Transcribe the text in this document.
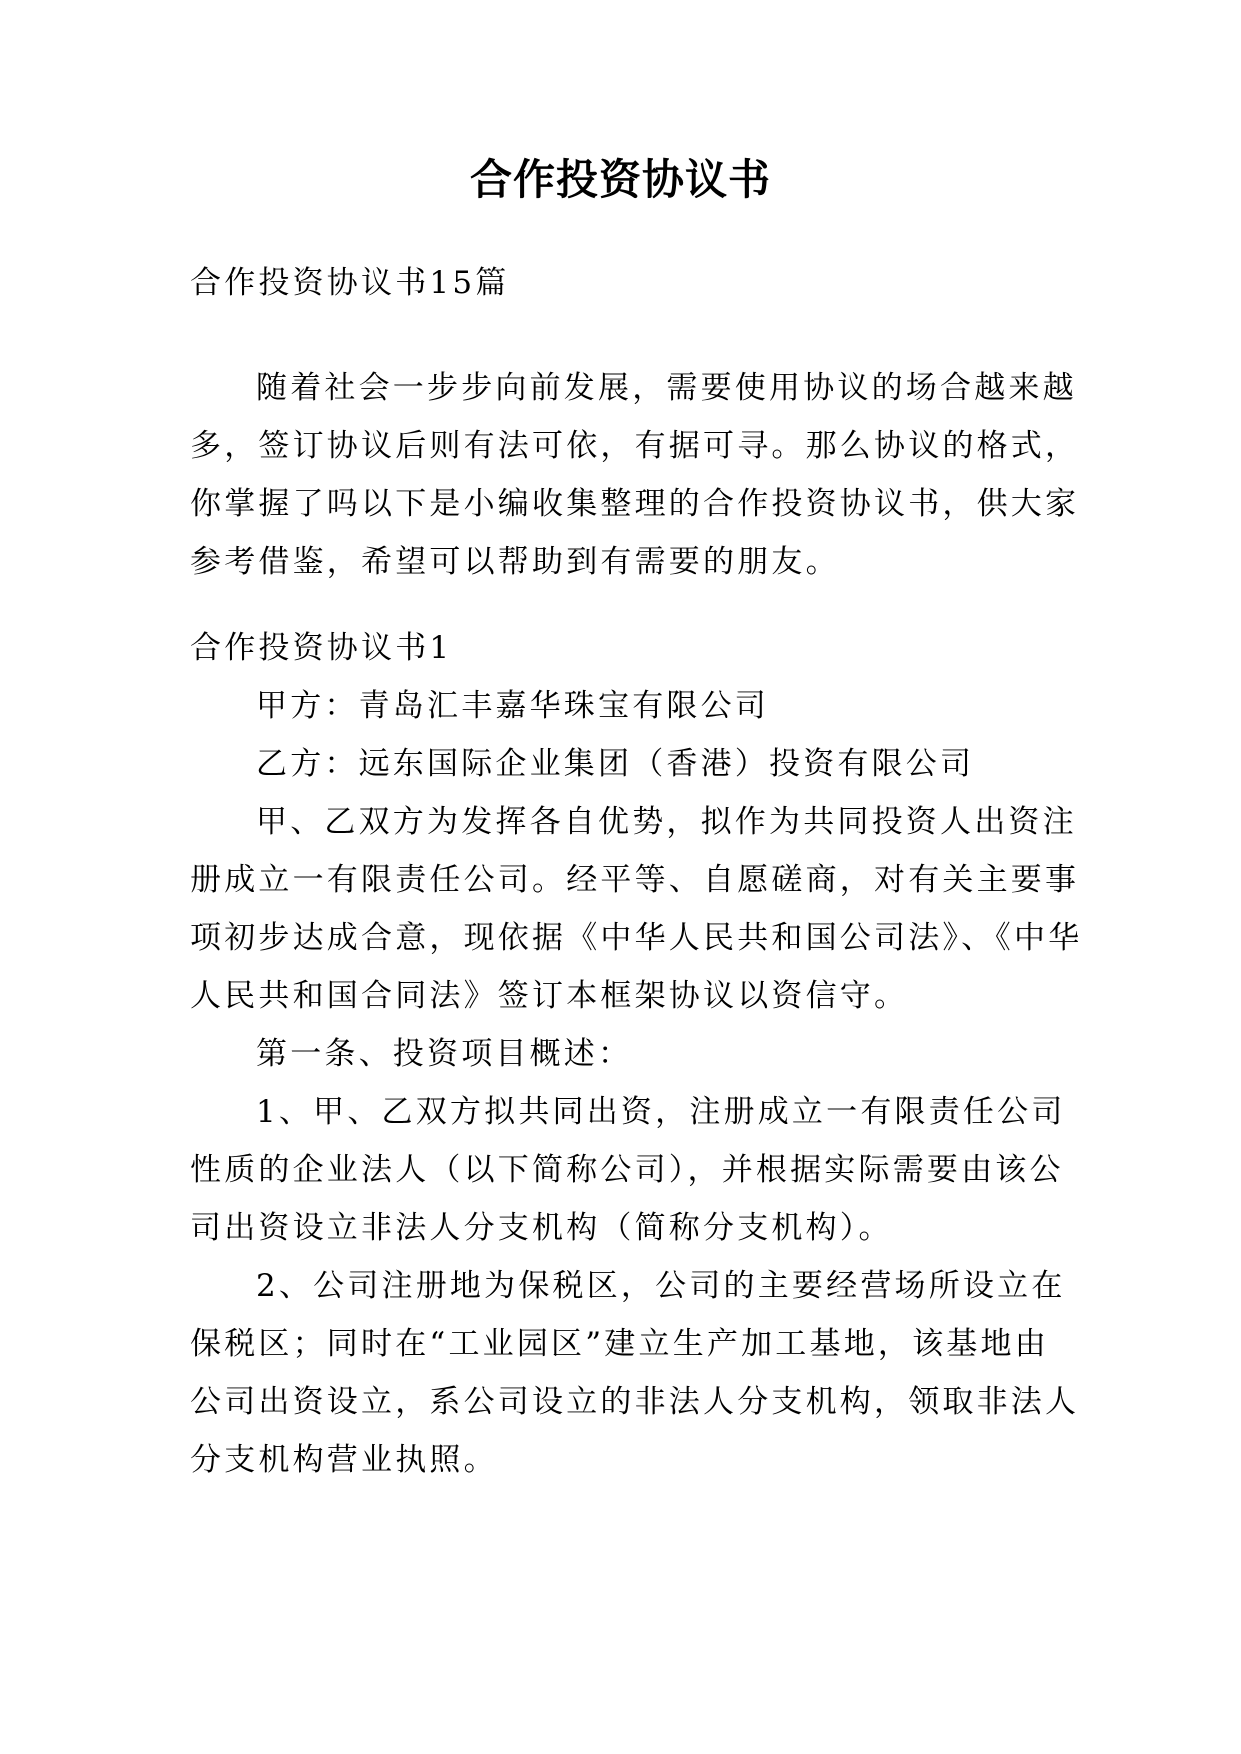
合作投资协议书
合作投资协议书15篇
随着社会一步步向前发展，需要使用协议的场合越来越
多，签订协议后则有法可依，有据可寻。那么协议的格式，
你掌握了吗以下是小编收集整理的合作投资协议书，供大家
参考借鉴，希望可以帮助到有需要的朋友。
合作投资协议书1
甲方：青岛汇丰嘉华珠宝有限公司
乙方：远东国际企业集团（香港）投资有限公司
甲、乙双方为发挥各自优势，拟作为共同投资人出资注
册成立一有限责任公司。经平等、自愿磋商，对有关主要事
项初步达成合意，现依据《中华人民共和国公司法》、《中华
人民共和国合同法》签订本框架协议以资信守。
第一条、投资项目概述：
1、甲、乙双方拟共同出资，注册成立一有限责任公司
性质的企业法人（以下简称公司），并根据实际需要由该公
司出资设立非法人分支机构（简称分支机构）。
2、公司注册地为保税区，公司的主要经营场所设立在
保税区；同时在“工业园区”建立生产加工基地，该基地由
公司出资设立，系公司设立的非法人分支机构，领取非法人
分支机构营业执照。
